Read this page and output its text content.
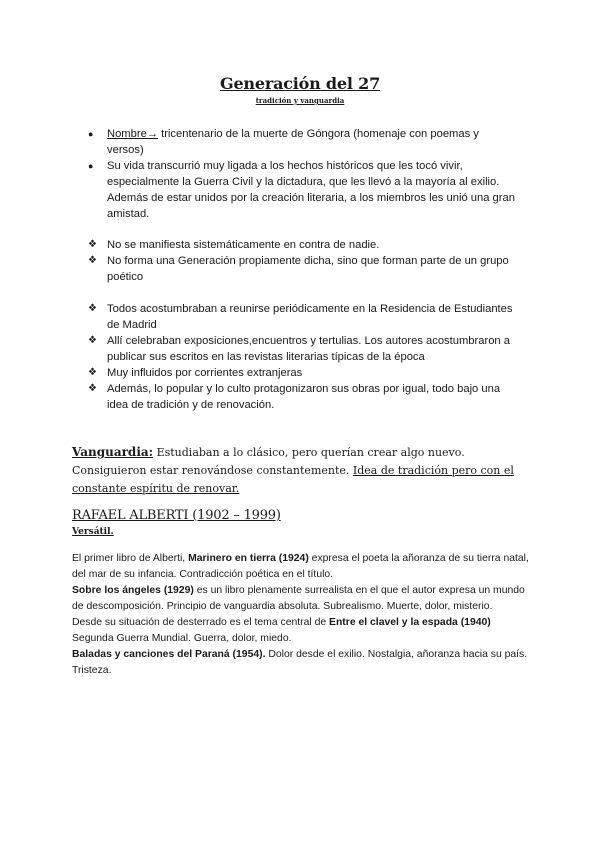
Generación del 27
tradición y vanguardia
●	Nombre→ tricentenario de la muerte de Góngora (homenaje con poemas y versos)
●	Su vida transcurrió muy ligada a los hechos históricos que les tocó vivir, especialmente la Guerra Civil y la dictadura, que les llevó a la mayoría al exilio. Además de estar unidos por la creación literaria, a los miembros les unió una gran amistad.
❖ No se manifiesta sistemáticamente en contra de nadie.
❖ No forma una Generación propiamente dicha, sino que forman parte de un grupo poético
❖ Todos acostumbraban a reunirse periódicamente en la Residencia de Estudiantes de Madrid
❖ Allí celebraban exposiciones,encuentros y tertulias. Los autores acostumbraron a publicar sus escritos en las revistas literarias típicas de la época
❖ Muy influidos por corrientes extranjeras
❖ Además, lo popular y lo culto protagonizaron sus obras por igual, todo bajo una idea de tradición y de renovación.
Vanguardia: Estudiaban a lo clásico, pero querían crear algo nuevo. Consiguieron estar renovándose constantemente. Idea de tradición pero con el constante espíritu de renovar.
RAFAEL ALBERTI (1902 – 1999)
Versátil.

El primer libro de Alberti, Marinero en tierra (1924) expresa el poeta la añoranza de su tierra natal, del mar de su infancia. Contradicción poética en el título.

Sobre los ángeles (1929) es un libro plenamente surrealista en el que el autor expresa un mundo de descomposición. Principio de vanguardia absoluta. Subrealismo. Muerte, dolor, misterio.

Desde su situación de desterrado es el tema central de Entre el clavel y la espada (1940) Segunda Guerra Mundial. Guerra, dolor, miedo.

Baladas y canciones del Paraná (1954). Dolor desde el exilio. Nostalgia, añoranza hacia su país. Tristeza.
